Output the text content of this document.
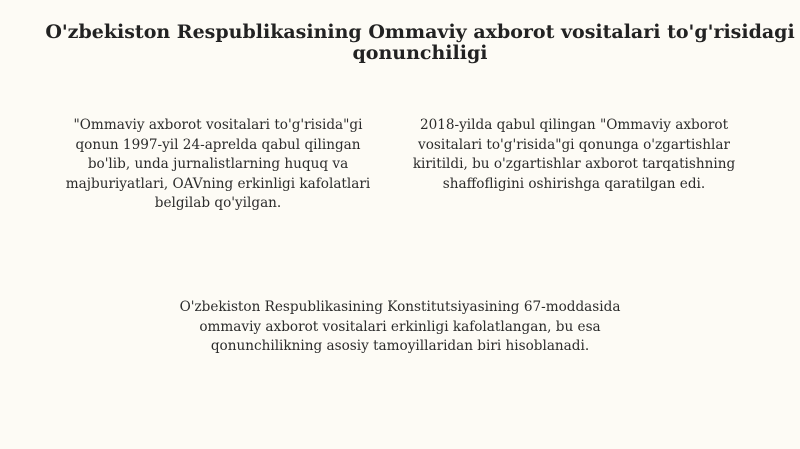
O'zbekiston Respublikasining Ommaviy axborot vositalari to'g'risidagi qonunchiligi

"Ommaviy axborot vositalari to'g'risida"gi qonun 1997-yil 24-aprelda qabul qilingan bo'lib, unda jurnalistlarning huquq va majburiyatlari, OAVning erkinligi kafolatlari belgilab qo'yilgan.

2018-yilda qabul qilingan "Ommaviy axborot vositalari to'g'risida"gi qonunga o'zgartishlar kiritildi, bu o'zgartishlar axborot tarqatishning shaffofligini oshirishga qaratilgan edi.

O'zbekiston Respublikasining Konstitutsiyasining 67-moddasida ommaviy axborot vositalari erkinligi kafolatlangan, bu esa qonunchilikning asosiy tamoyillaridan biri hisoblanadi.
